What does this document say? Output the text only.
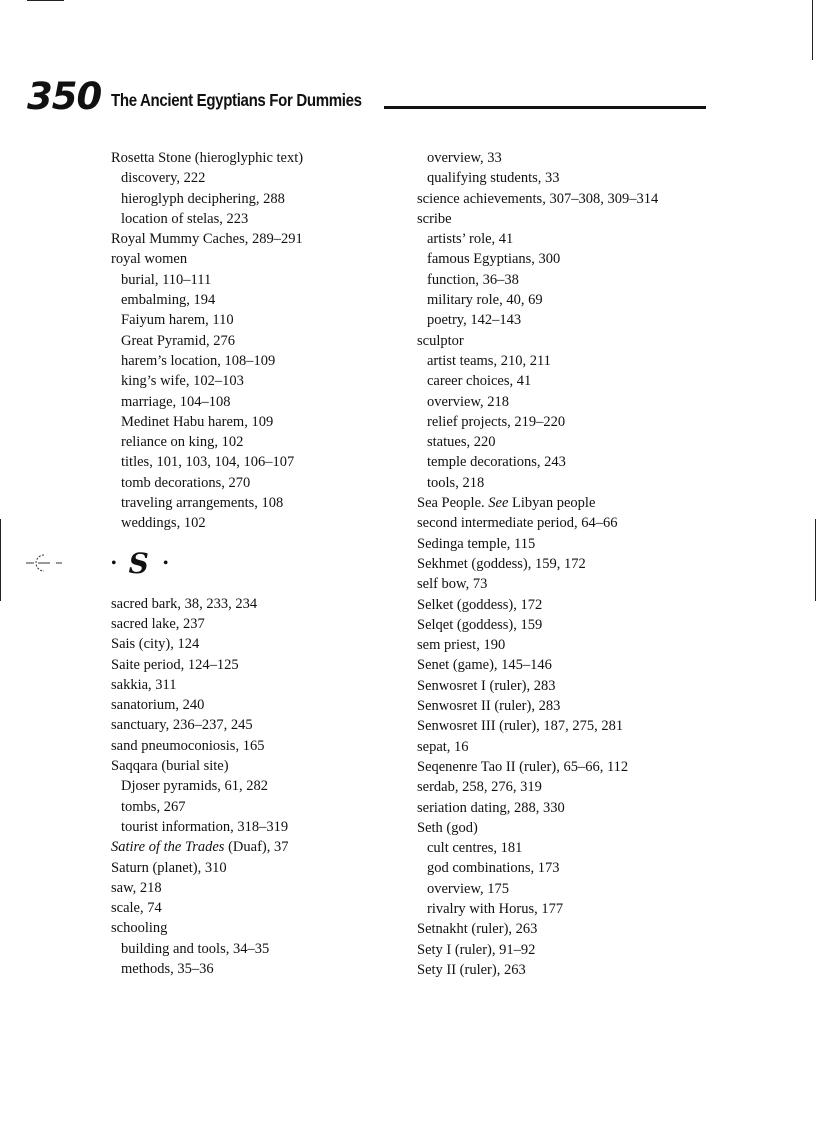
350 The Ancient Egyptians For Dummies
Rosetta Stone (hieroglyphic text)
discovery, 222
hieroglyph deciphering, 288
location of stelas, 223
Royal Mummy Caches, 289–291
royal women
burial, 110–111
embalming, 194
Faiyum harem, 110
Great Pyramid, 276
harem’s location, 108–109
king’s wife, 102–103
marriage, 104–108
Medinet Habu harem, 109
reliance on king, 102
titles, 101, 103, 104, 106–107
tomb decorations, 270
traveling arrangements, 108
weddings, 102
• S •
sacred bark, 38, 233, 234
sacred lake, 237
Sais (city), 124
Saite period, 124–125
sakkia, 311
sanatorium, 240
sanctuary, 236–237, 245
sand pneumoconiosis, 165
Saqqara (burial site)
Djoser pyramids, 61, 282
tombs, 267
tourist information, 318–319
Satire of the Trades (Duaf), 37
Saturn (planet), 310
saw, 218
scale, 74
schooling
building and tools, 34–35
methods, 35–36
overview, 33
qualifying students, 33
science achievements, 307–308, 309–314
scribe
artists’ role, 41
famous Egyptians, 300
function, 36–38
military role, 40, 69
poetry, 142–143
sculptor
artist teams, 210, 211
career choices, 41
overview, 218
relief projects, 219–220
statues, 220
temple decorations, 243
tools, 218
Sea People. See Libyan people
second intermediate period, 64–66
Sedinga temple, 115
Sekhmet (goddess), 159, 172
self bow, 73
Selket (goddess), 172
Selqet (goddess), 159
sem priest, 190
Senet (game), 145–146
Senwosret I (ruler), 283
Senwosret II (ruler), 283
Senwosret III (ruler), 187, 275, 281
sepat, 16
Seqenenre Tao II (ruler), 65–66, 112
serdab, 258, 276, 319
seriation dating, 288, 330
Seth (god)
cult centres, 181
god combinations, 173
overview, 175
rivalry with Horus, 177
Setnakht (ruler), 263
Sety I (ruler), 91–92
Sety II (ruler), 263
